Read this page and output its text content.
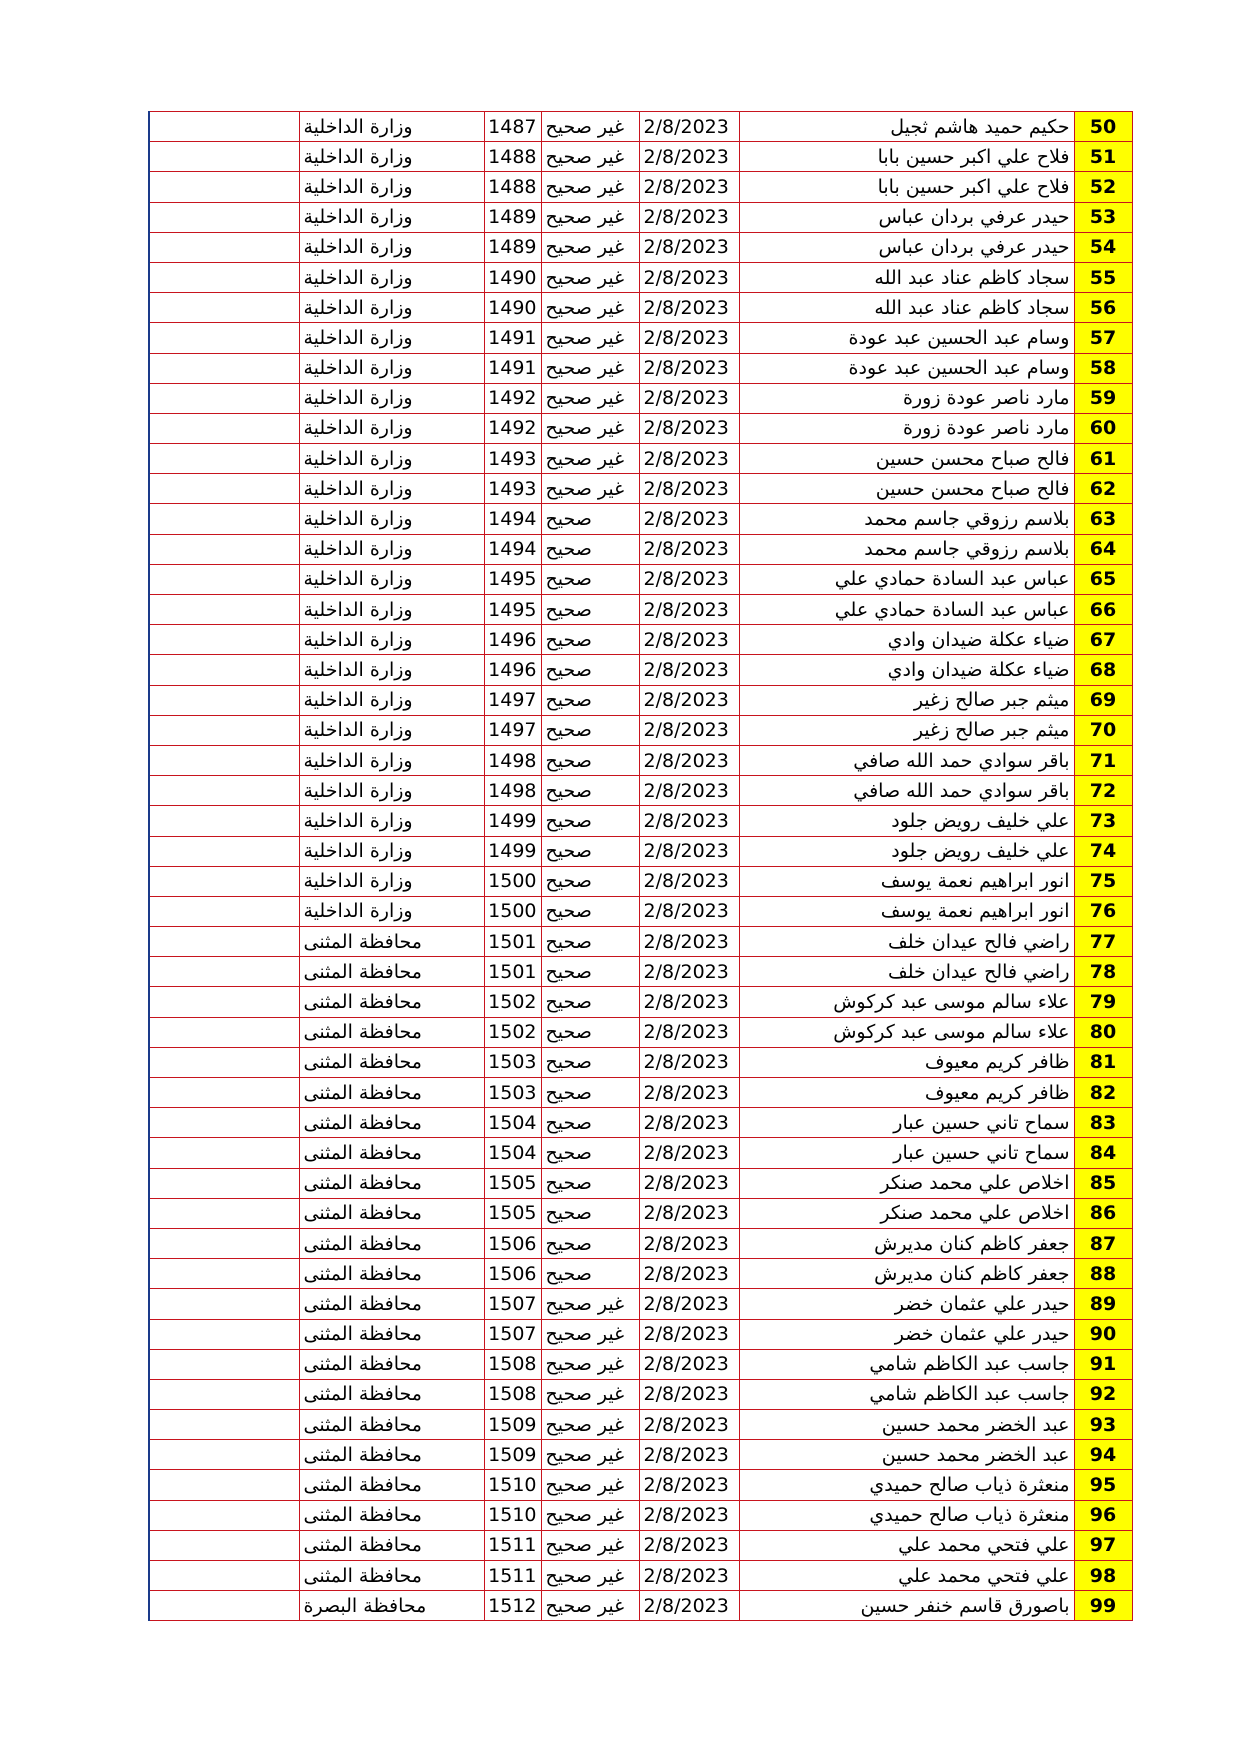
50	حكيم حميد هاشم ثجيل	2/8/2023	غير صحيح	1487	وزارة الداخلية	
51	فلاح علي اكبر حسين بابا	2/8/2023	غير صحيح	1488	وزارة الداخلية	
52	فلاح علي اكبر حسين بابا	2/8/2023	غير صحيح	1488	وزارة الداخلية	
53	حيدر عرفي بردان عباس	2/8/2023	غير صحيح	1489	وزارة الداخلية	
54	حيدر عرفي بردان عباس	2/8/2023	غير صحيح	1489	وزارة الداخلية	
55	سجاد كاظم عناد عبد الله	2/8/2023	غير صحيح	1490	وزارة الداخلية	
56	سجاد كاظم عناد عبد الله	2/8/2023	غير صحيح	1490	وزارة الداخلية	
57	وسام عبد الحسين عبد عودة	2/8/2023	غير صحيح	1491	وزارة الداخلية	
58	وسام عبد الحسين عبد عودة	2/8/2023	غير صحيح	1491	وزارة الداخلية	
59	مارد ناصر عودة زورة	2/8/2023	غير صحيح	1492	وزارة الداخلية	
60	مارد ناصر عودة زورة	2/8/2023	غير صحيح	1492	وزارة الداخلية	
61	فالح صباح محسن حسين	2/8/2023	غير صحيح	1493	وزارة الداخلية	
62	فالح صباح محسن حسين	2/8/2023	غير صحيح	1493	وزارة الداخلية	
63	بلاسم رزوقي جاسم محمد	2/8/2023	صحيح	1494	وزارة الداخلية	
64	بلاسم رزوقي جاسم محمد	2/8/2023	صحيح	1494	وزارة الداخلية	
65	عباس عبد السادة حمادي علي	2/8/2023	صحيح	1495	وزارة الداخلية	
66	عباس عبد السادة حمادي علي	2/8/2023	صحيح	1495	وزارة الداخلية	
67	ضياء عكلة ضيدان وادي	2/8/2023	صحيح	1496	وزارة الداخلية	
68	ضياء عكلة ضيدان وادي	2/8/2023	صحيح	1496	وزارة الداخلية	
69	ميثم جبر صالح زغير	2/8/2023	صحيح	1497	وزارة الداخلية	
70	ميثم جبر صالح زغير	2/8/2023	صحيح	1497	وزارة الداخلية	
71	باقر سوادي حمد الله صافي	2/8/2023	صحيح	1498	وزارة الداخلية	
72	باقر سوادي حمد الله صافي	2/8/2023	صحيح	1498	وزارة الداخلية	
73	علي خليف رويض جلود	2/8/2023	صحيح	1499	وزارة الداخلية	
74	علي خليف رويض جلود	2/8/2023	صحيح	1499	وزارة الداخلية	
75	انور ابراهيم نعمة يوسف	2/8/2023	صحيح	1500	وزارة الداخلية	
76	انور ابراهيم نعمة يوسف	2/8/2023	صحيح	1500	وزارة الداخلية	
77	راضي فالح عيدان خلف	2/8/2023	صحيح	1501	محافظة المثنى	
78	راضي فالح عيدان خلف	2/8/2023	صحيح	1501	محافظة المثنى	
79	علاء سالم موسى عبد كركوش	2/8/2023	صحيح	1502	محافظة المثنى	
80	علاء سالم موسى عبد كركوش	2/8/2023	صحيح	1502	محافظة المثنى	
81	ظافر كريم معيوف	2/8/2023	صحيح	1503	محافظة المثنى	
82	ظافر كريم معيوف	2/8/2023	صحيح	1503	محافظة المثنى	
83	سماح تاني حسين عبار	2/8/2023	صحيح	1504	محافظة المثنى	
84	سماح تاني حسين عبار	2/8/2023	صحيح	1504	محافظة المثنى	
85	اخلاص علي محمد صنكر	2/8/2023	صحيح	1505	محافظة المثنى	
86	اخلاص علي محمد صنكر	2/8/2023	صحيح	1505	محافظة المثنى	
87	جعفر كاظم كنان مديرش	2/8/2023	صحيح	1506	محافظة المثنى	
88	جعفر كاظم كنان مديرش	2/8/2023	صحيح	1506	محافظة المثنى	
89	حيدر علي عثمان خضر	2/8/2023	غير صحيح	1507	محافظة المثنى	
90	حيدر علي عثمان خضر	2/8/2023	غير صحيح	1507	محافظة المثنى	
91	جاسب عبد الكاظم شامي	2/8/2023	غير صحيح	1508	محافظة المثنى	
92	جاسب عبد الكاظم شامي	2/8/2023	غير صحيح	1508	محافظة المثنى	
93	عبد الخضر محمد حسين	2/8/2023	غير صحيح	1509	محافظة المثنى	
94	عبد الخضر محمد حسين	2/8/2023	غير صحيح	1509	محافظة المثنى	
95	منعثرة ذياب صالح حميدي	2/8/2023	غير صحيح	1510	محافظة المثنى	
96	منعثرة ذياب صالح حميدي	2/8/2023	غير صحيح	1510	محافظة المثنى	
97	علي فتحي محمد علي	2/8/2023	غير صحيح	1511	محافظة المثنى	
98	علي فتحي محمد علي	2/8/2023	غير صحيح	1511	محافظة المثنى	
99	باصورق قاسم خنفر حسين	2/8/2023	غير صحيح	1512	محافظة البصرة	
